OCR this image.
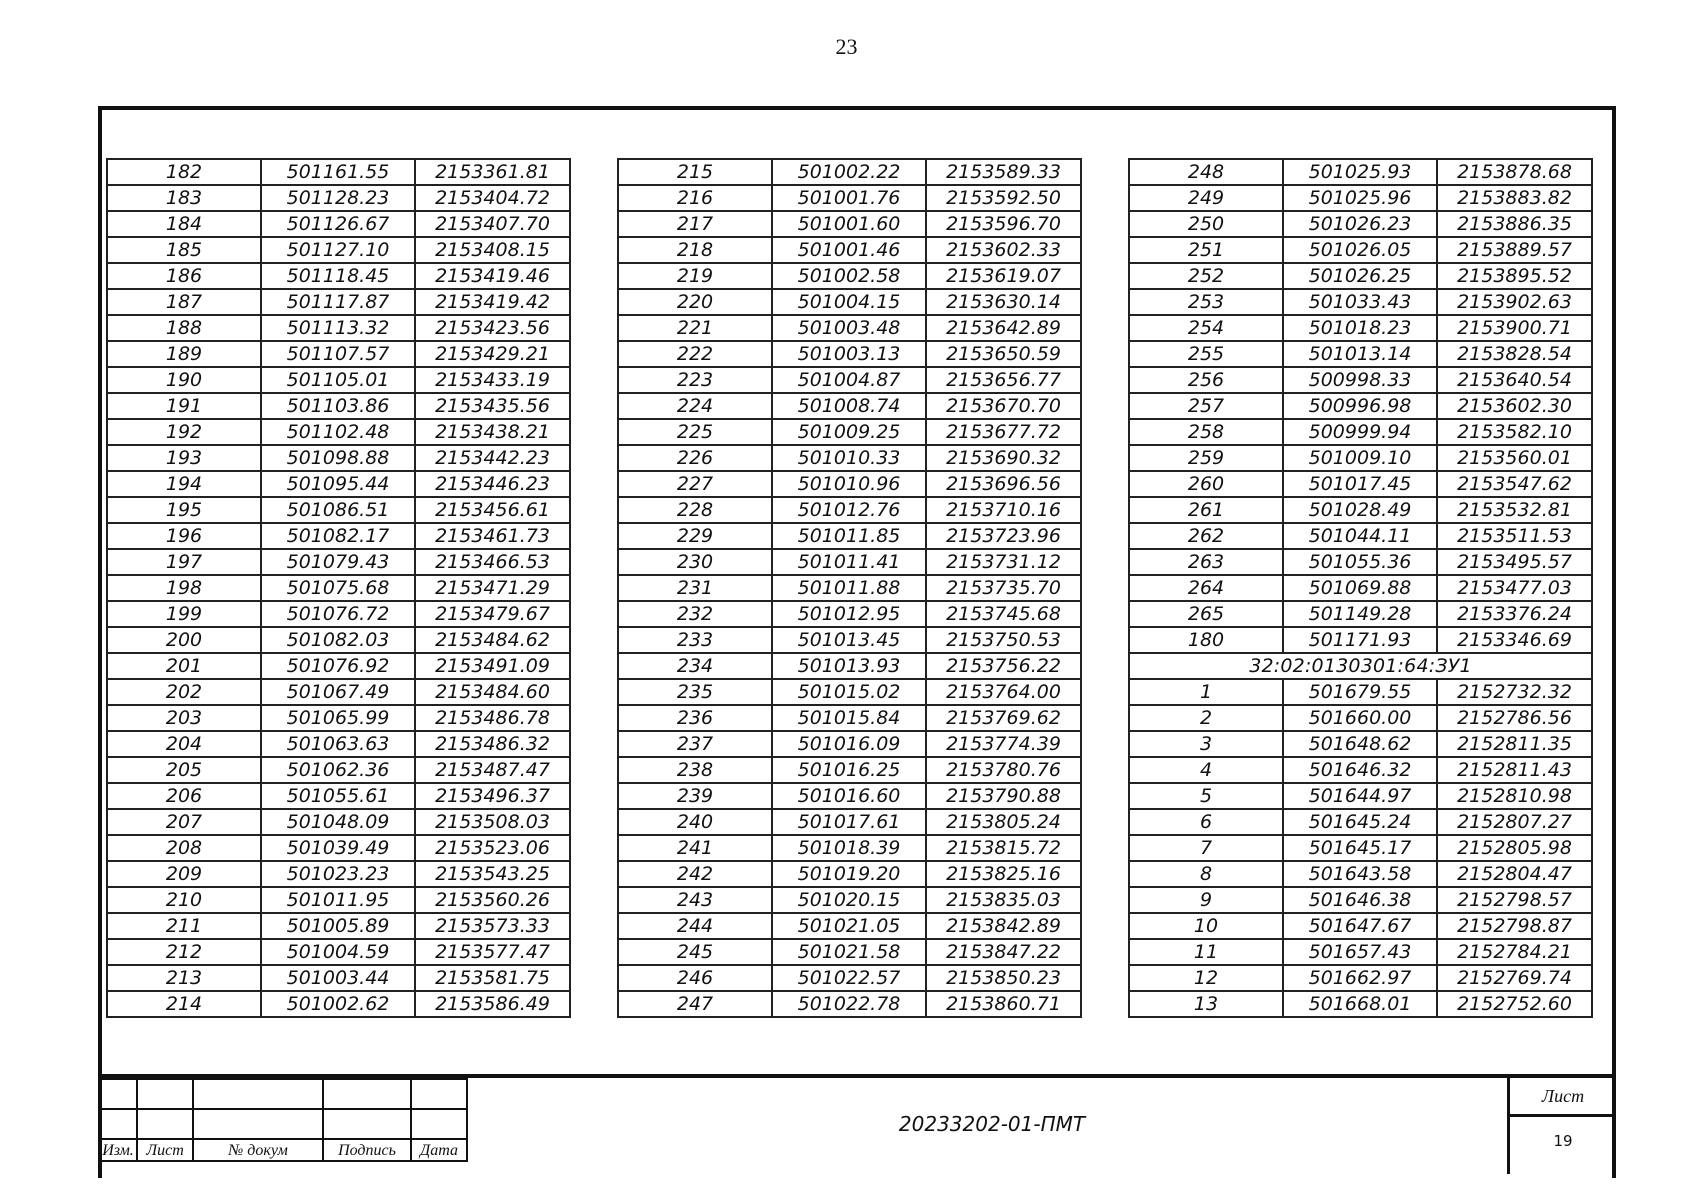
23
182	501161.55	2153361.81
183	501128.23	2153404.72
184	501126.67	2153407.70
185	501127.10	2153408.15
186	501118.45	2153419.46
187	501117.87	2153419.42
188	501113.32	2153423.56
189	501107.57	2153429.21
190	501105.01	2153433.19
191	501103.86	2153435.56
192	501102.48	2153438.21
193	501098.88	2153442.23
194	501095.44	2153446.23
195	501086.51	2153456.61
196	501082.17	2153461.73
197	501079.43	2153466.53
198	501075.68	2153471.29
199	501076.72	2153479.67
200	501082.03	2153484.62
201	501076.92	2153491.09
202	501067.49	2153484.60
203	501065.99	2153486.78
204	501063.63	2153486.32
205	501062.36	2153487.47
206	501055.61	2153496.37
207	501048.09	2153508.03
208	501039.49	2153523.06
209	501023.23	2153543.25
210	501011.95	2153560.26
211	501005.89	2153573.33
212	501004.59	2153577.47
213	501003.44	2153581.75
214	501002.62	2153586.49
215	501002.22	2153589.33
216	501001.76	2153592.50
217	501001.60	2153596.70
218	501001.46	2153602.33
219	501002.58	2153619.07
220	501004.15	2153630.14
221	501003.48	2153642.89
222	501003.13	2153650.59
223	501004.87	2153656.77
224	501008.74	2153670.70
225	501009.25	2153677.72
226	501010.33	2153690.32
227	501010.96	2153696.56
228	501012.76	2153710.16
229	501011.85	2153723.96
230	501011.41	2153731.12
231	501011.88	2153735.70
232	501012.95	2153745.68
233	501013.45	2153750.53
234	501013.93	2153756.22
235	501015.02	2153764.00
236	501015.84	2153769.62
237	501016.09	2153774.39
238	501016.25	2153780.76
239	501016.60	2153790.88
240	501017.61	2153805.24
241	501018.39	2153815.72
242	501019.20	2153825.16
243	501020.15	2153835.03
244	501021.05	2153842.89
245	501021.58	2153847.22
246	501022.57	2153850.23
247	501022.78	2153860.71
248	501025.93	2153878.68
249	501025.96	2153883.82
250	501026.23	2153886.35
251	501026.05	2153889.57
252	501026.25	2153895.52
253	501033.43	2153902.63
254	501018.23	2153900.71
255	501013.14	2153828.54
256	500998.33	2153640.54
257	500996.98	2153602.30
258	500999.94	2153582.10
259	501009.10	2153560.01
260	501017.45	2153547.62
261	501028.49	2153532.81
262	501044.11	2153511.53
263	501055.36	2153495.57
264	501069.88	2153477.03
265	501149.28	2153376.24
180	501171.93	2153346.69
32:02:0130301:64:ЗУ1		
1	501679.55	2152732.32
2	501660.00	2152786.56
3	501648.62	2152811.35
4	501646.32	2152811.43
5	501644.97	2152810.98
6	501645.24	2152807.27
7	501645.17	2152805.98
8	501643.58	2152804.47
9	501646.38	2152798.57
10	501647.67	2152798.87
11	501657.43	2152784.21
12	501662.97	2152769.74
13	501668.01	2152752.60

Изм.	Лист	№ докум	Подпись	Дата
20233202-01-ПМТ
Лист
19
